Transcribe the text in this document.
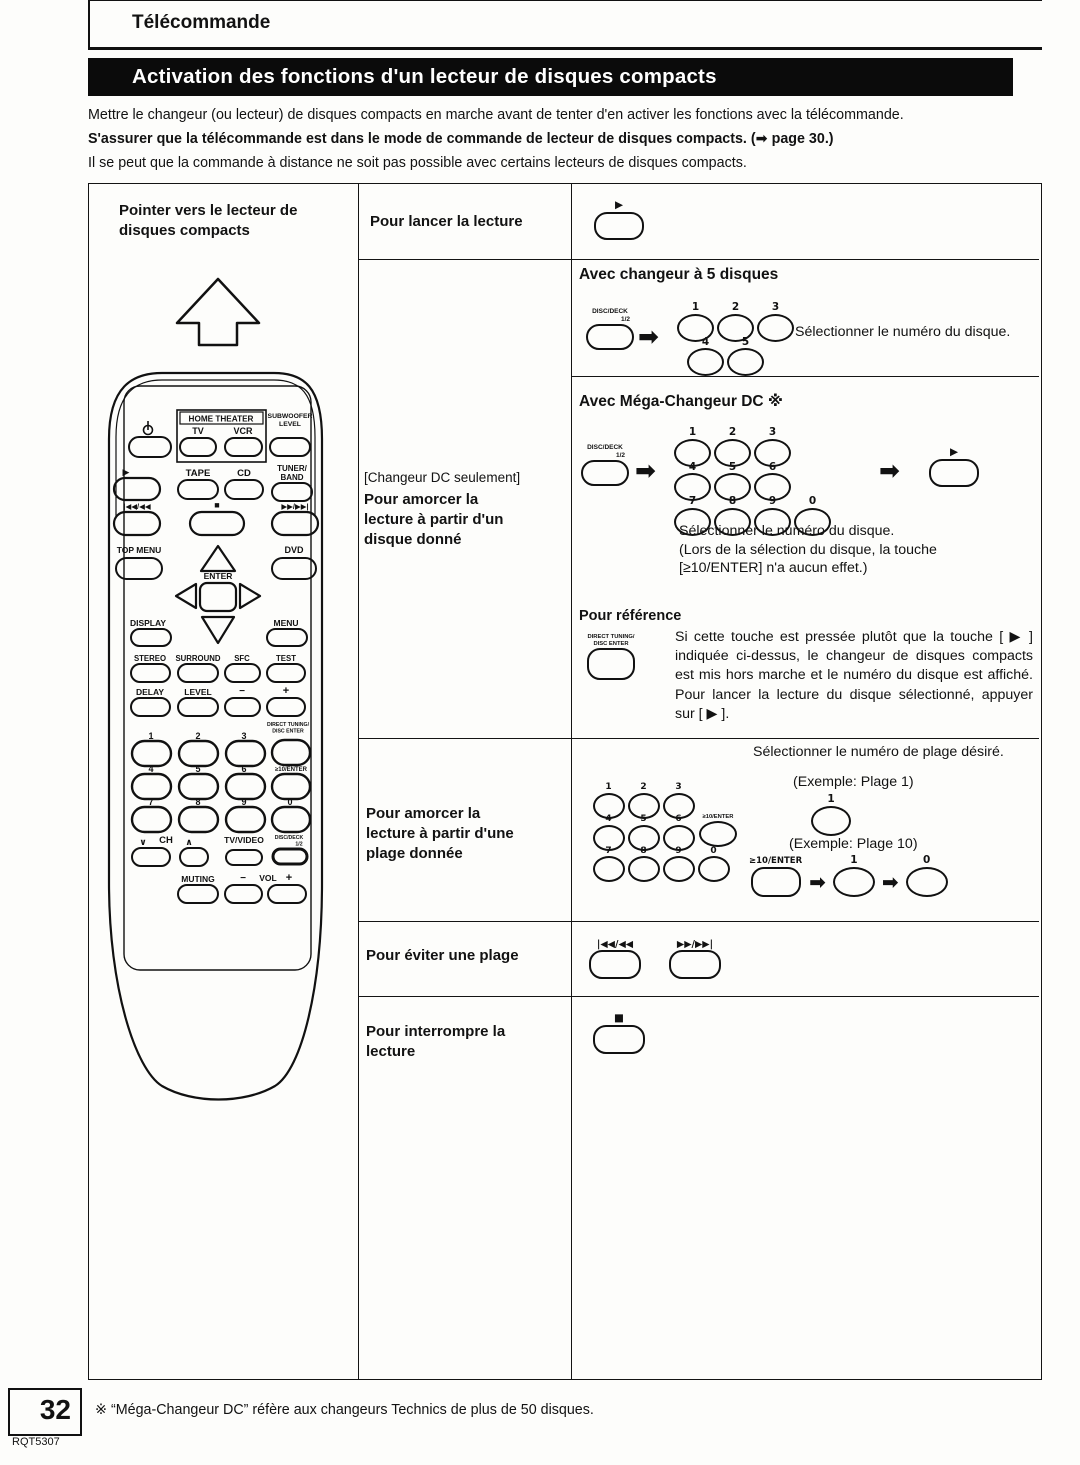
Télécommande
Activation des fonctions d'un lecteur de disques compacts
Mettre le changeur (ou lecteur) de disques compacts en marche avant de tenter d'en activer les fonctions avec la télécommande.
S'assurer que la télécommande est dans le mode de commande de lecteur de disques compacts. (➡ page 30.)
Il se peut que la commande à distance ne soit pas possible avec certains lecteurs de disques compacts.
Pointer vers le lecteur de
disques compacts
HOME THEATER
TV	VCR
SUBWOOFER
LEVEL
▶	TAPE	CD	TUNER/
BAND
|◀◀/◀◀	■	▶▶/▶▶|
TOP MENU	DVD
ENTER
DISPLAY	MENU
STEREO SURROUND SFC	TEST
DELAY LEVEL	−	+
DIRECT TUNING/
DISC ENTER
1	2	3
4	5	6	≥10/ENTER
7	8	9	0
∨ CH ∧	TV/VIDEO DISC/DECK
1/2
MUTING	− VOL +
Pour lancer la lecture
▶
[Changeur DC seulement]
Pour amorcer la
lecture à partir d'un
disque donné
Avec changeur à 5 disques
DISC/DECK
1/2
➡
1	2	3
4	5
Sélectionner le numéro du disque.
Avec Méga-Changeur DC ※
DISC/DECK
1/2
➡
1	2	3
4	5	6
7	8	9	0
➡
▶
Sélectionner le numéro du disque.
(Lors de la sélection du disque, la touche
[≥10/ENTER] n'a aucun effet.)
Pour référence
DIRECT TUNING/
DISC ENTER	Si cette touche est pressée plutôt que la touche [ ▶ ] indiquée ci-dessus, le changeur de disques compacts est mis hors marche et le numéro du disque est affiché. Pour lancer la lecture du disque sélectionné, appuyer sur [ ▶ ].
Pour amorcer la
lecture à partir d'une
plage donnée
Sélectionner le numéro de plage désiré.
1	2	3
4	5	6	≥10/ENTER
7	8	9	0
(Exemple: Plage 1)
1
(Exemple: Plage 10)
≥10/ENTER
➡
1
➡
0
Pour éviter une plage
|◀◀/◀◀	▶▶/▶▶|
Pour interrompre la
lecture
■
32
RQT5307
※ “Méga-Changeur DC” réfère aux changeurs Technics de plus de 50 disques.
